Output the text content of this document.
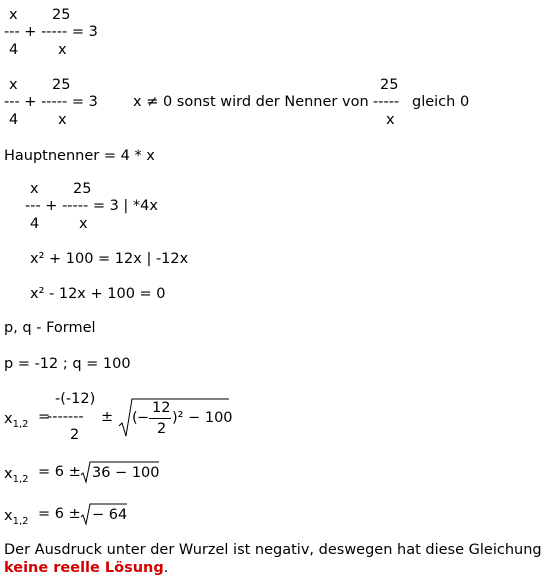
x 25
--- + ----- = 3
4	x
x 25
--- + ----- = 3
4	x
x ≠ 0 sonst wird der Nenner von
25
-----
x
gleich 0
Hauptnenner = 4 * x
x 25
--- + ----- = 3 | *4x
4	x
x² + 100 = 12x | -12x
x² - 12x + 100 = 0
p, q - Formel
p = -12 ; q = 100
$x_{1,2}$ =
-(-12)
-------
2
± ( −
12
2
)² − 100
$x_{1,2} = 6 \pm 36 - 100$
$x_{1,2} = 6$ ± − 64
Der Ausdruck unter der Wurzel ist negativ, deswegen hat diese Gleichung
keine reelle Lösung.
